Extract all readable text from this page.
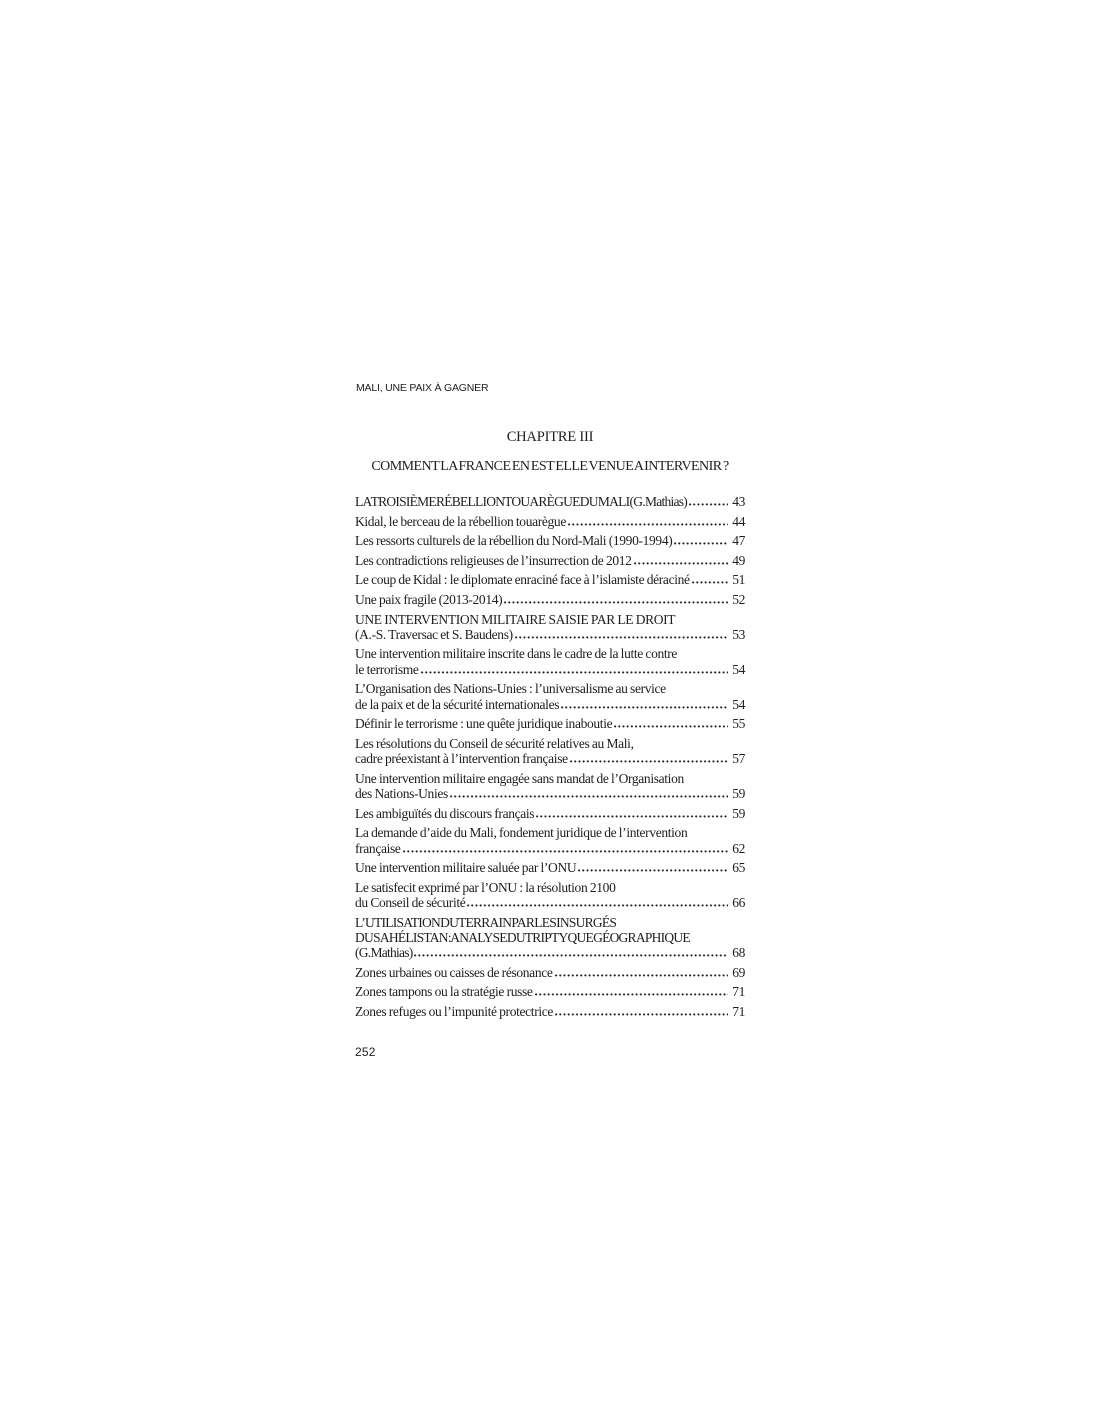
MALI, UNE PAIX À GAGNER
CHAPITRE III
COMMENT LA FRANCE EN EST ELLE VENUE A INTERVENIR ?
LA TROISIÈME RÉBELLION TOUARÈGUE DU MALI (G. Mathias)	43
Kidal, le berceau de la rébellion touarègue	44
Les ressorts culturels de la rébellion du Nord-Mali (1990-1994)	47
Les contradictions religieuses de l’insurrection de 2012	49
Le coup de Kidal : le diplomate enraciné face à l’islamiste déraciné	51
Une paix fragile (2013-2014)	52
UNE INTERVENTION MILITAIRE SAISIE PAR LE DROIT
(A.-S. Traversac et S. Baudens)	53
Une intervention militaire inscrite dans le cadre de la lutte contre
le terrorisme	54
L’Organisation des Nations-Unies : l’universalisme au service
de la paix et de la sécurité internationales	54
Définir le terrorisme : une quête juridique inaboutie	55
Les résolutions du Conseil de sécurité relatives au Mali,
cadre préexistant à l’intervention française	57
Une intervention militaire engagée sans mandat de l’Organisation
des Nations-Unies	59
Les ambiguïtés du discours français	59
La demande d’aide du Mali, fondement juridique de l’intervention
française	62
Une intervention militaire saluée par l’ONU	65
Le satisfecit exprimé par l’ONU : la résolution 2100
du Conseil de sécurité	66
L’UTILISATION DU TERRAIN PAR LES INSURGÉS
DU SAHÉLISTAN : ANALYSE DU TRIPTYQUE GÉOGRAPHIQUE
(G. Mathias)	68
Zones urbaines ou caisses de résonance	69
Zones tampons ou la stratégie russe	71
Zones refuges ou l’impunité protectrice	71
252
